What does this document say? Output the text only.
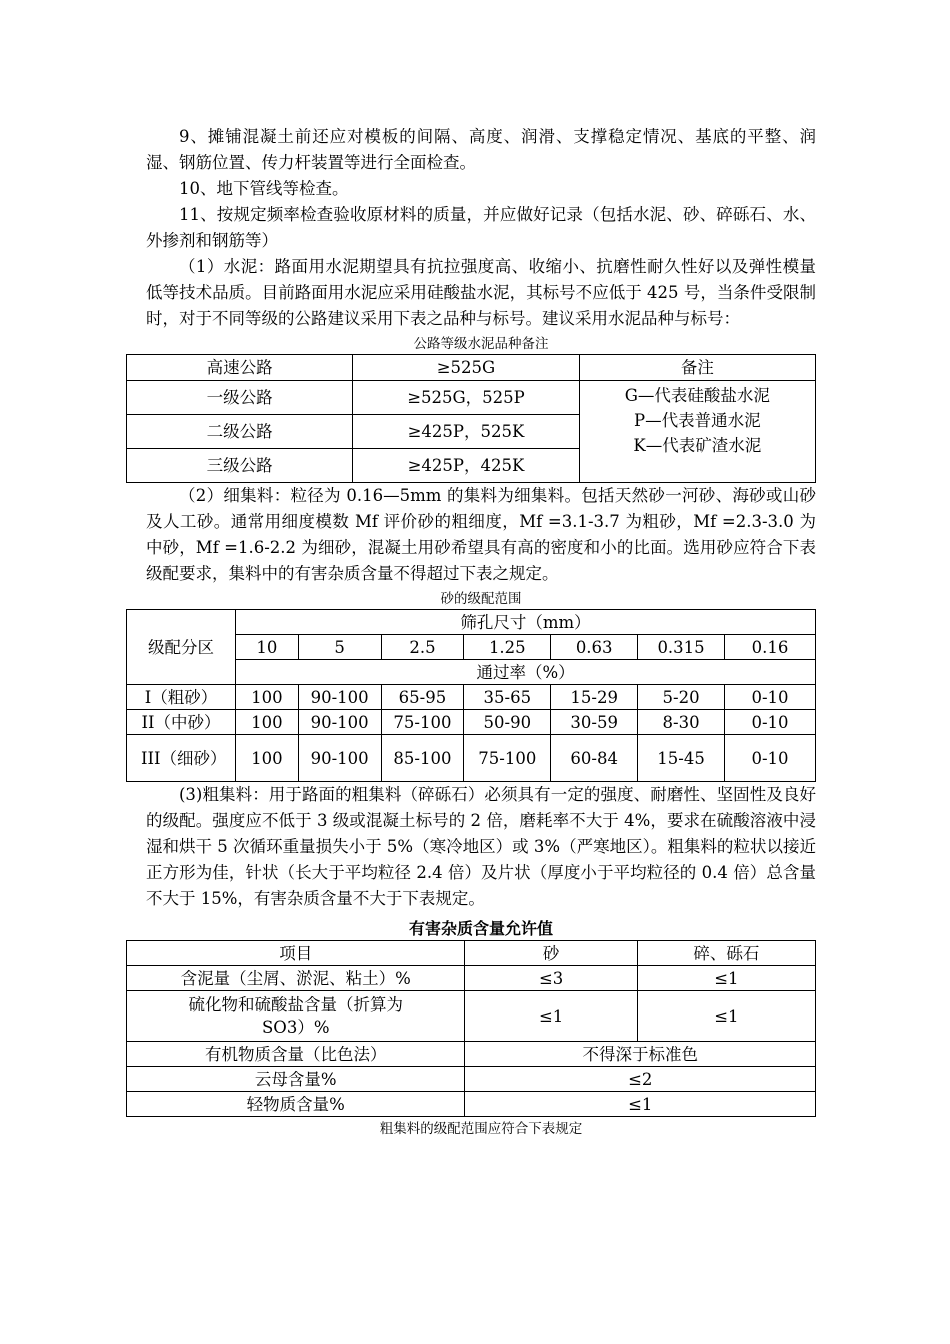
9、摊铺混凝土前还应对模板的间隔、高度、润滑、支撑稳定情况、基底的平整、润湿、钢筋位置、传力杆装置等进行全面检查。

10、地下管线等检查。

11、按规定频率检查验收原材料的质量，并应做好记录（包括水泥、砂、碎砾石、水、外掺剂和钢筋等）

（1）水泥：路面用水泥期望具有抗拉强度高、收缩小、抗磨性耐久性好以及弹性模量低等技术品质。目前路面用水泥应采用硅酸盐水泥，其标号不应低于 425 号，当条件受限制时，对于不同等级的公路建议采用下表之品种与标号。建议采用水泥品种与标号：

公路等级水泥品种备注
高速公路	≥525G	备注
一级公路	≥525G，525P	G—代表硅酸盐水泥
P—代表普通水泥
K—代表矿渣水泥

二级公路	≥425P，525K	
三级公路	≥425P，425K	

（2）细集料：粒径为 0.16—5mm 的集料为细集料。包括天然砂一河砂、海砂或山砂及人工砂。通常用细度模数 Mf 评价砂的粗细度，Mf =3.1-3.7 为粗砂，Mf =2.3-3.0 为中砂，Mf =1.6-2.2 为细砂，混凝土用砂希望具有高的密度和小的比面。选用砂应符合下表级配要求，集料中的有害杂质含量不得超过下表之规定。

砂的级配范围
级配分区	筛孔尺寸（mm）						
	10	5	2.5	1.25	0.63	0.315	0.16
	通过率（%）						
I（粗砂）	100	90-100	65-95	35-65	15-29	5-20	0-10
II（中砂）	100	90-100	75-100	50-90	30-59	8-30	0-10
III（细砂）	100	90-100	85-100	75-100	60-84	15-45	0-10

(3)粗集料：用于路面的粗集料（碎砾石）必须具有一定的强度、耐磨性、坚固性及良好的级配。强度应不低于 3 级或混凝土标号的 2 倍，磨耗率不大于 4%，要求在硫酸溶液中浸湿和烘干 5 次循环重量损失小于 5%（寒冷地区）或 3%（严寒地区）。粗集料的粒状以接近正方形为佳，针状（长大于平均粒径 2.4 倍）及片状（厚度小于平均粒径的 0.4 倍）总含量不大于 15%，有害杂质含量不大于下表规定。

有害杂质含量允许值
项目	砂	碎、砾石
含泥量（尘屑、淤泥、粘土）%	≤3	≤1
硫化物和硫酸盐含量（折算为 SO3）%	≤1	≤1
有机物质含量（比色法）	不得深于标准色	
云母含量%	≤2	
轻物质含量%	≤1	
粗集料的级配范围应符合下表规定
